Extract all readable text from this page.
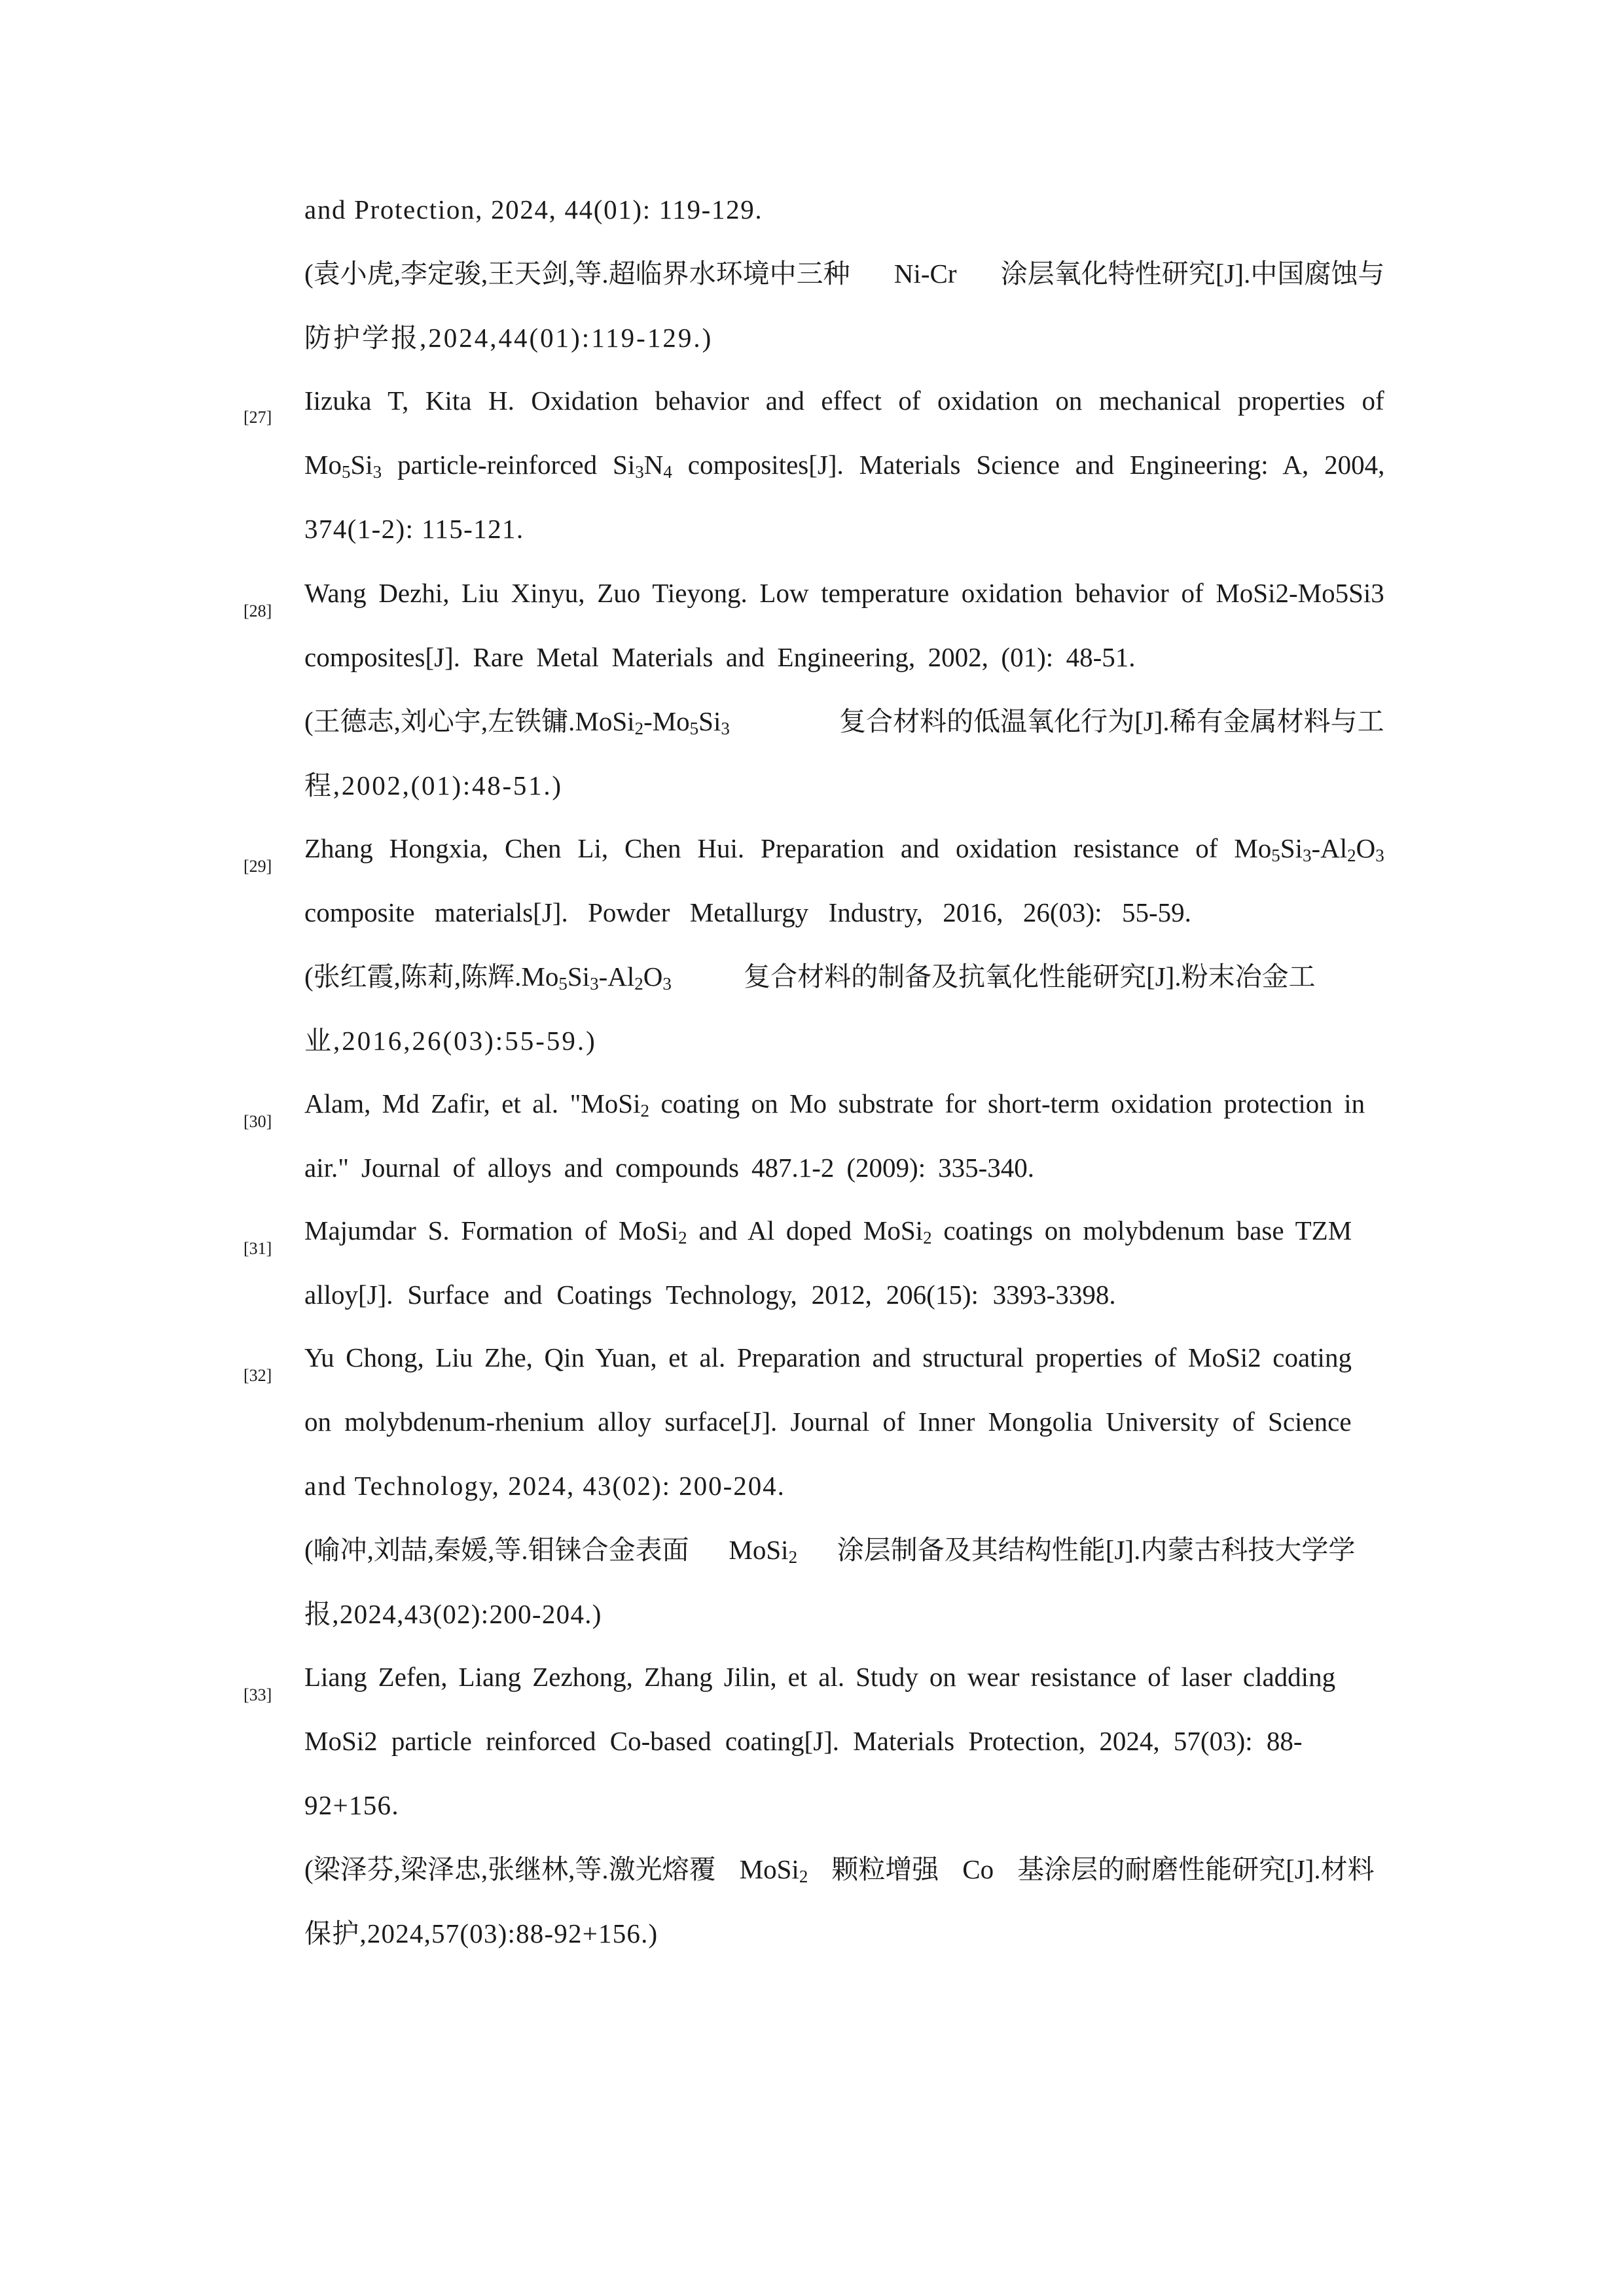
and Protection, 2024, 44(01): 119-129.
(袁小虎,李定骏,王天剑,等.超临界水环境中三种 Ni-Cr 涂层氧化特性研究[J].中国腐蚀与
防护学报,2024,44(01):119-129.)
[27]
Iizuka T, Kita H. Oxidation behavior and effect of oxidation on mechanical properties of
$Mo_5Si_3$ particle-reinforced $Si_3N_4$ composites[J]. Materials Science and Engineering: A, 2004,
374(1-2): 115-121.
[28]
Wang Dezhi, Liu Xinyu, Zuo Tieyong. Low temperature oxidation behavior of MoSi2-Mo5Si3
composites[J]. Rare Metal Materials and Engineering, 2002, (01): 48-51.
(王德志,刘心宇,左铁镛$.MoSi_2-Mo_5Si_3$ 复合材料的低温氧化行为[J].稀有金属材料与工
程,2002,(01):48-51.)
[29]
Zhang Hongxia, Chen Li, Chen Hui. Preparation and oxidation resistance of $Mo_5Si_3-Al_2O_3$
composite materials[J]. Powder Metallurgy Industry, 2016, 26(03): 55-59.
(张红霞,陈莉,陈辉$.Mo_5Si_3-Al_2O_3$ 复合材料的制备及抗氧化性能研究[J].粉末冶金工
业,2016,26(03):55-59.)
[30]
Alam, Md Zafir, et al. "MoSi$_2$ coating on Mo substrate for short-term oxidation protection in
air." Journal of alloys and compounds 487.1-2 (2009): 335-340.
[31]
Majumdar S. Formation of MoSi$_2$ and Al doped MoSi$_2$ coatings on molybdenum base TZM
alloy[J]. Surface and Coatings Technology, 2012, 206(15): 3393-3398.
[32]
Yu Chong, Liu Zhe, Qin Yuan, et al. Preparation and structural properties of MoSi2 coating
on molybdenum-rhenium alloy surface[J]. Journal of Inner Mongolia University of Science
and Technology, 2024, 43(02): 200-204.
(喻冲,刘喆,秦媛,等.钼铼合金表面 MoSi$_2$ 涂层制备及其结构性能[J].内蒙古科技大学学
报,2024,43(02):200-204.)
[33]
Liang Zefen, Liang Zezhong, Zhang Jilin, et al. Study on wear resistance of laser cladding
MoSi2 particle reinforced Co-based coating[J]. Materials Protection, 2024, 57(03): 88-
92+156.
(梁泽芬,梁泽忠,张继林,等.激光熔覆 MoSi$_2$ 颗粒增强 Co 基涂层的耐磨性能研究[J].材料
保护,2024,57(03):88-92+156.)
